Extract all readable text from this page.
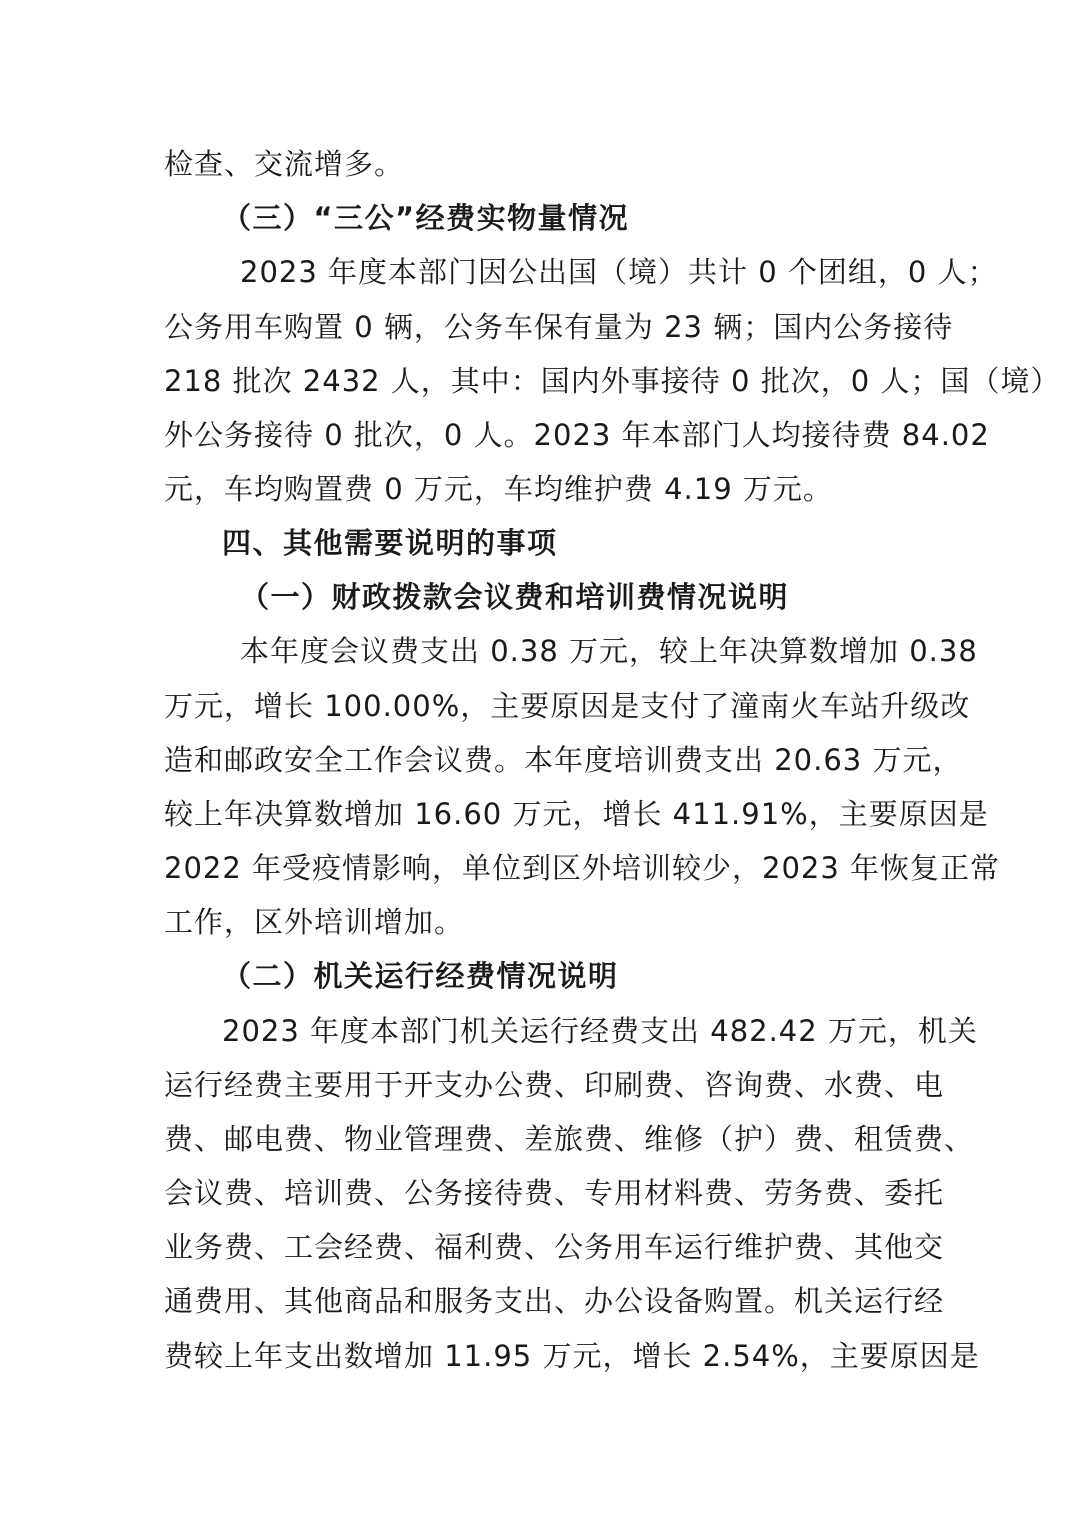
检查、交流增多。
（三）“三公”经费实物量情况
2023 年度本部门因公出国（境）共计 0 个团组，0 人；
公务用车购置 0 辆，公务车保有量为 23 辆；国内公务接待
218 批次 2432 人，其中：国内外事接待 0 批次，0 人；国（境）
外公务接待 0 批次，0 人。2023 年本部门人均接待费 84.02
元，车均购置费 0 万元，车均维护费 4.19 万元。
四、其他需要说明的事项
（一）财政拨款会议费和培训费情况说明
本年度会议费支出 0.38 万元，较上年决算数增加 0.38
万元，增长 100.00%，主要原因是支付了潼南火车站升级改
造和邮政安全工作会议费。本年度培训费支出 20.63 万元，
较上年决算数增加 16.60 万元，增长 411.91%，主要原因是
2022 年受疫情影响，单位到区外培训较少，2023 年恢复正常
工作，区外培训增加。
（二）机关运行经费情况说明
2023 年度本部门机关运行经费支出 482.42 万元，机关
运行经费主要用于开支办公费、印刷费、咨询费、水费、电
费、邮电费、物业管理费、差旅费、维修（护）费、租赁费、
会议费、培训费、公务接待费、专用材料费、劳务费、委托
业务费、工会经费、福利费、公务用车运行维护费、其他交
通费用、其他商品和服务支出、办公设备购置。机关运行经
费较上年支出数增加 11.95 万元，增长 2.54%，主要原因是
